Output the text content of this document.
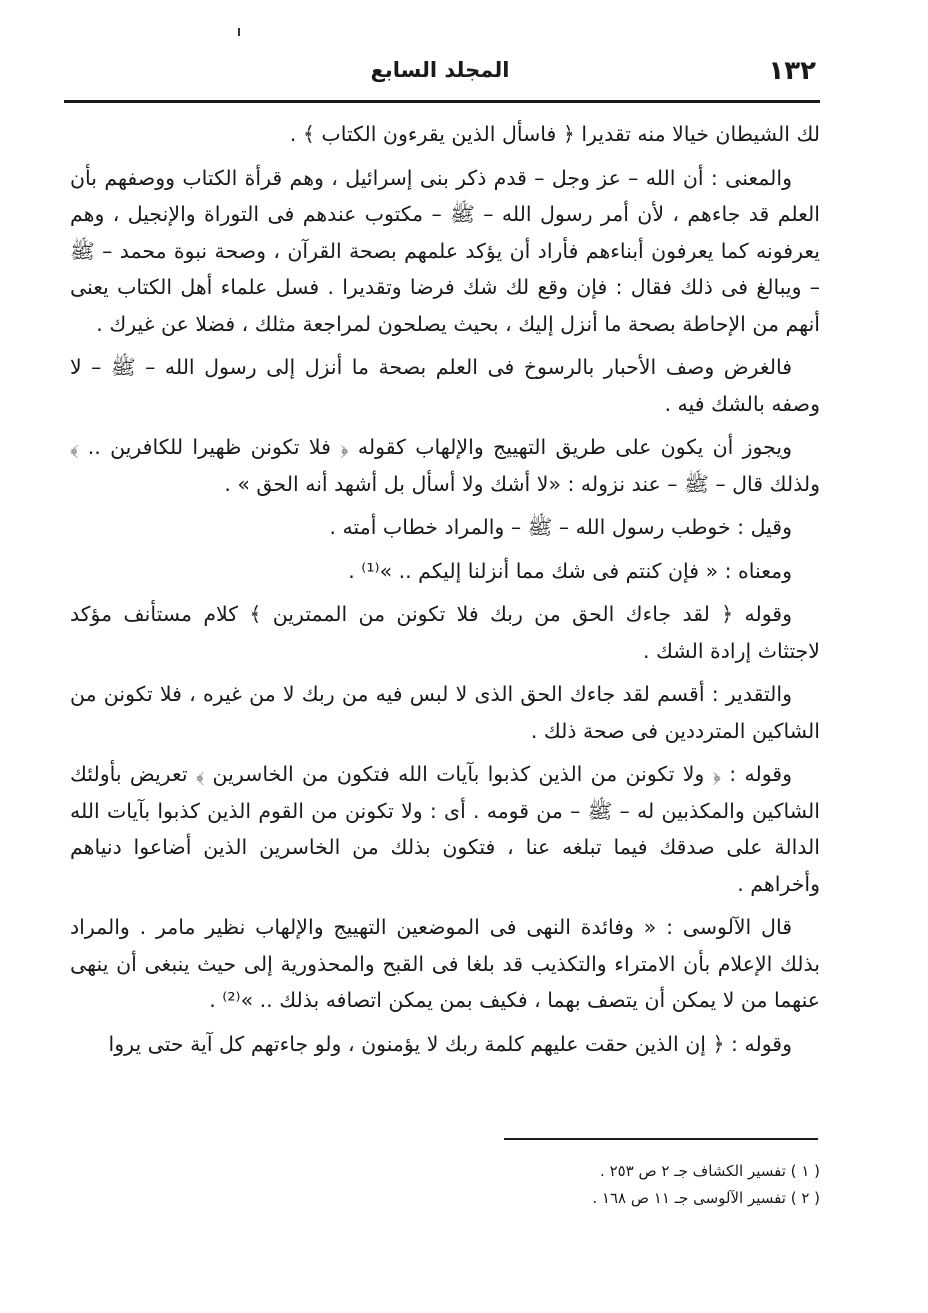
١٣٢
المجلد السابع

لك الشيطان خيالا منه تقديرا ﴿ فاسأل الذين يقرءون الكتاب ﴾ .

والمعنى : أن الله – عز وجل – قدم ذكر بنى إسرائيل ، وهم قرأة الكتاب ووصفهم بأن العلم قد جاءهم ، لأن أمر رسول الله – ﷺ – مكتوب عندهم فى التوراة والإنجيل ، وهم يعرفونه كما يعرفون أبناءهم فأراد أن يؤكد علمهم بصحة القرآن ، وصحة نبوة محمد – ﷺ – ويبالغ فى ذلك فقال : فإن وقع لك شك فرضا وتقديرا . فسل علماء أهل الكتاب يعنى أنهم من الإحاطة بصحة ما أنزل إليك ، بحيث يصلحون لمراجعة مثلك ، فضلا عن غيرك .

فالغرض وصف الأحبار بالرسوخ فى العلم بصحة ما أنزل إلى رسول الله – ﷺ – لا وصفه بالشك فيه .

ويجوز أن يكون على طريق التهييج والإلهاب كقوله ﴿ فلا تكونن ظهيرا للكافرين .. ﴾ ولذلك قال – ﷺ – عند نزوله : «لا أشك ولا أسأل بل أشهد أنه الحق » .

وقيل : خوطب رسول الله – ﷺ – والمراد خطاب أمته .

ومعناه : « فإن كنتم فى شك مما أنزلنا إليكم .. »⁽¹⁾ .

وقوله ﴿ لقد جاءك الحق من ربك فلا تكونن من الممترين ﴾ كلام مستأنف مؤكد لاجتثاث إرادة الشك .

والتقدير : أقسم لقد جاءك الحق الذى لا لبس فيه من ربك لا من غيره ، فلا تكونن من الشاكين المترددين فى صحة ذلك .

وقوله : ﴿ ولا تكونن من الذين كذبوا بآيات الله فتكون من الخاسرين ﴾ تعريض بأولئك الشاكين والمكذبين له – ﷺ – من قومه . أى : ولا تكونن من القوم الذين كذبوا بآيات الله الدالة على صدقك فيما تبلغه عنا ، فتكون بذلك من الخاسرين الذين أضاعوا دنياهم وأخراهم .

قال الآلوسى : « وفائدة النهى فى الموضعين التهييج والإلهاب نظير مامر . والمراد بذلك الإعلام بأن الامتراء والتكذيب قد بلغا فى القبح والمحذورية إلى حيث ينبغى أن ينهى عنهما من لا يمكن أن يتصف بهما ، فكيف بمن يمكن اتصافه بذلك .. »⁽²⁾ .

وقوله : ﴿ إن الذين حقت عليهم كلمة ربك لا يؤمنون ، ولو جاءتهم كل آية حتى يروا

( ١ ) تفسير الكشاف جـ ٢ ص ٢٥٣ .
( ٢ ) تفسير الآلوسى جـ ١١ ص ١٦٨ .
